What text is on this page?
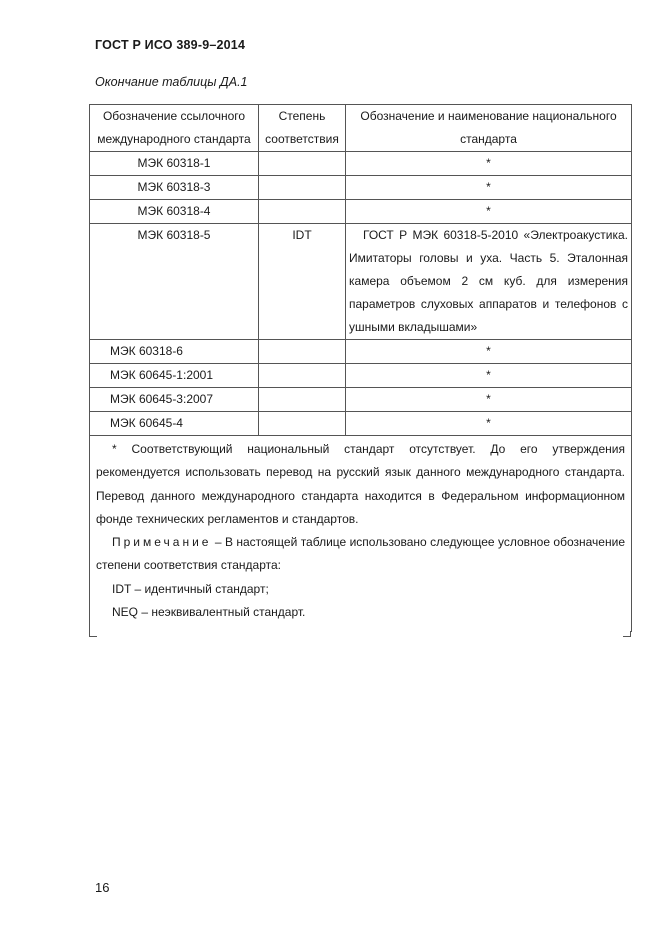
ГОСТ Р ИСО 389-9–2014
Окончание таблицы ДА.1
Обозначение ссылочного международного стандарта	Степень соответствия	Обозначение и наименование национального стандарта
МЭК 60318-1		*
МЭК 60318-3		*
МЭК 60318-4		*
МЭК 60318-5	IDT	ГОСТ Р МЭК 60318-5-2010 «Электроакустика. Имитаторы головы и уха. Часть 5. Эталонная камера объемом 2 см куб. для измерения параметров слуховых аппаратов и телефонов с ушными вкладышами»
МЭК 60318-6		*
МЭК 60645-1:2001		*
МЭК 60645-3:2007		*
МЭК 60645-4		*

* Соответствующий национальный стандарт отсутствует. До его утверждения рекомендуется использовать перевод на русский язык данного международного стандарта. Перевод данного международного стандарта находится в Федеральном информационном фонде технических регламентов и стандартов.

Примечание – В настоящей таблице использовано следующее условное обозначение степени соответствия стандарта:

IDT – идентичный стандарт;

NEQ – неэквивалентный стандарт.		

16
